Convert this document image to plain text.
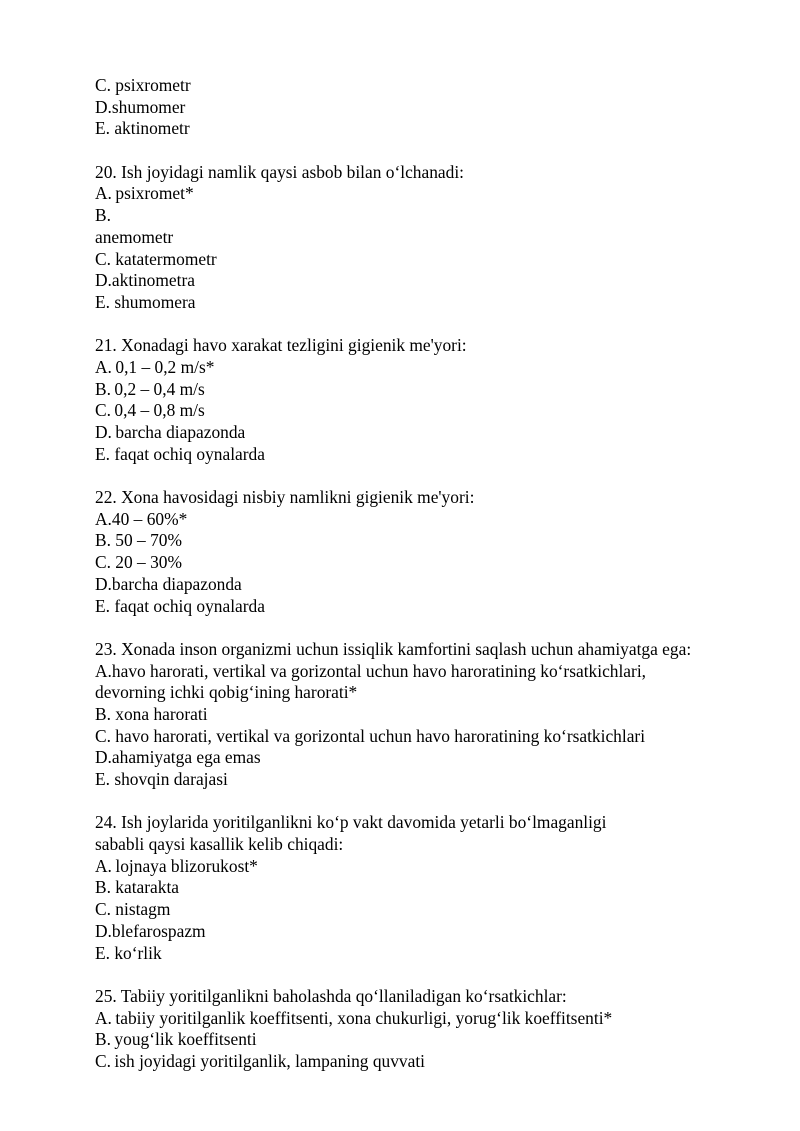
C. psixrometr
D.shumomer
E. aktinometr
20. Ish joyidagi namlik qaysi asbob bilan o‘lchanadi:
A. psixromet*
B.
anemometr
C. katatermometr
D.aktinometra
E. shumomera
21. Xonadagi havo xarakat tezligini gigienik me'yori:
A. 0,1 – 0,2 m/s*
B. 0,2 – 0,4 m/s
C. 0,4 – 0,8 m/s
D. barcha diapazonda
E. faqat ochiq oynalarda
22. Xona havosidagi nisbiy namlikni gigienik me'yori:
A.40 – 60%*
B. 50 – 70%
C. 20 – 30%
D.barcha diapazonda
E. faqat ochiq oynalarda
23. Xonada inson organizmi uchun issiqlik kamfortini saqlash uchun ahamiyatga ega:
A.havo harorati, vertikal va gorizontal uchun havo haroratining ko‘rsatkichlari,
devorning ichki qobig‘ining harorati*
B. xona harorati
C. havo harorati, vertikal va gorizontal uchun havo haroratining ko‘rsatkichlari
D.ahamiyatga ega emas
E. shovqin darajasi
24. Ish joylarida yoritilganlikni ko‘p vakt davomida yetarli bo‘lmaganligi
sababli qaysi kasallik kelib chiqadi:
A. lojnaya blizorukost*
B. katarakta
C. nistagm
D.blefarospazm
E. ko‘rlik
25. Tabiiy yoritilganlikni baholashda qo‘llaniladigan ko‘rsatkichlar:
A. tabiiy yoritilganlik koeffitsenti, xona chukurligi, yorug‘lik koeffitsenti*
B. youg‘lik koeffitsenti
C. ish joyidagi yoritilganlik, lampaning quvvati
